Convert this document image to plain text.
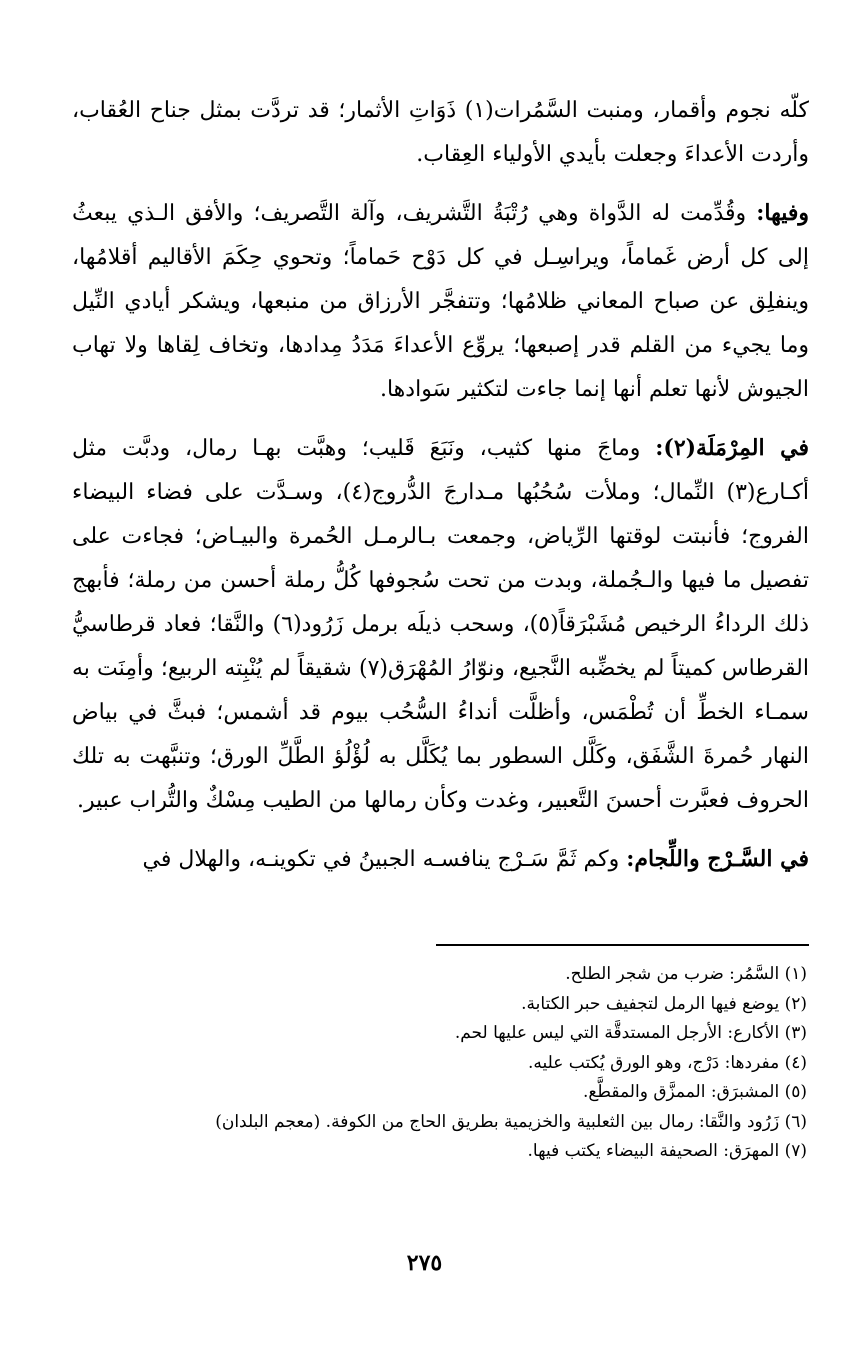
كلّه نجوم وأقمار، ومنبت السَّمُرات(١) ذَوَاتِ الأثمار؛ قد تردَّت بمثل جناح العُقاب، وأردت الأعداءَ وجعلت بأيدي الأولياء العِقاب.

وفيها: وقُدِّمت له الدَّواة وهي رُتْبَةُ التَّشريف، وآلة التَّصريف؛ والأفق الـذي يبعثُ إلى كل أرض غَماماً، ويراسِـل في كل دَوْح حَماماً؛ وتحوي حِكَمَ الأقاليم أقلامُها، وينفلِق عن صباح المعاني ظلامُها؛ وتتفجَّر الأرزاق من منبعها، ويشكر أيادي النِّيل وما يجيء من القلم قدر إصبعها؛ يروِّع الأعداءَ مَدَدُ مِدادها، وتخاف لِقاها ولا تهاب الجيوش لأنها تعلم أنها إنما جاءت لتكثير سَوادها.

في المِرْمَلَة(٢): وماجَ منها كثيب، ونَبَعَ قَليب؛ وهبَّت بهـا رمال، ودبَّت مثل أكـارع(٣) النِّمال؛ وملأت سُحُبُها مـدارجَ الدُّروج(٤)، وسـدَّت على فضاء البيضاء الفروج؛ فأنبتت لوقتها الرِّياض، وجمعت بـالرمـل الحُمرة والبيـاض؛ فجاءت على تفصيل ما فيها والـجُملة، وبدت من تحت سُجوفها كُلُّ رملة أحسن من رملة؛ فأبهج ذلك الرداءُ الرخيص مُشَبْرَقاً(٥)، وسحب ذيلَه برمل زَرُود(٦) والنَّقا؛ فعاد قرطاسيُّ القرطاس كميتاً لم يخضِّبه النَّجيع، ونوّارُ المُهْرَق(٧) شقيقاً لم يُنْبِته الربيع؛ وأمِنَت به سمـاء الخطِّ أن تُطْمَس، وأظلَّت أنداءُ السُّحُب بيوم قد أشمس؛ فبثَّ في بياض النهار حُمرةَ الشَّفَق، وكَلَّل السطور بما يُكَلَّل به لُؤْلُؤ الطَّلِّ الورق؛ وتنبَّهت به تلك الحروف فعبَّرت أحسنَ التَّعبير، وغدت وكأن رمالها من الطيب مِسْكٌ والتُّراب عبير.

في السَّـرْج واللِّجام: وكم ثَمَّ سَـرْج ينافسـه الجبينُ في تكوينـه، والهلال في

(١) السَّمُر: ضرب من شجر الطلح.
(٢) يوضع فيها الرمل لتجفيف حبر الكتابة.
(٣) الأكارع: الأرجل المستدقَّة التي ليس عليها لحم.
(٤) مفردها: دَرْج، وهو الورق يُكتب عليه.
(٥) المشبرَق: الممزَّق والمقطَّع.
(٦) زَرُود والنَّقا: رمال بين الثعلبية والخزيمية بطريق الحاج من الكوفة. (معجم البلدان)
(٧) المهرَق: الصحيفة البيضاء يكتب فيها.
٢٧٥
